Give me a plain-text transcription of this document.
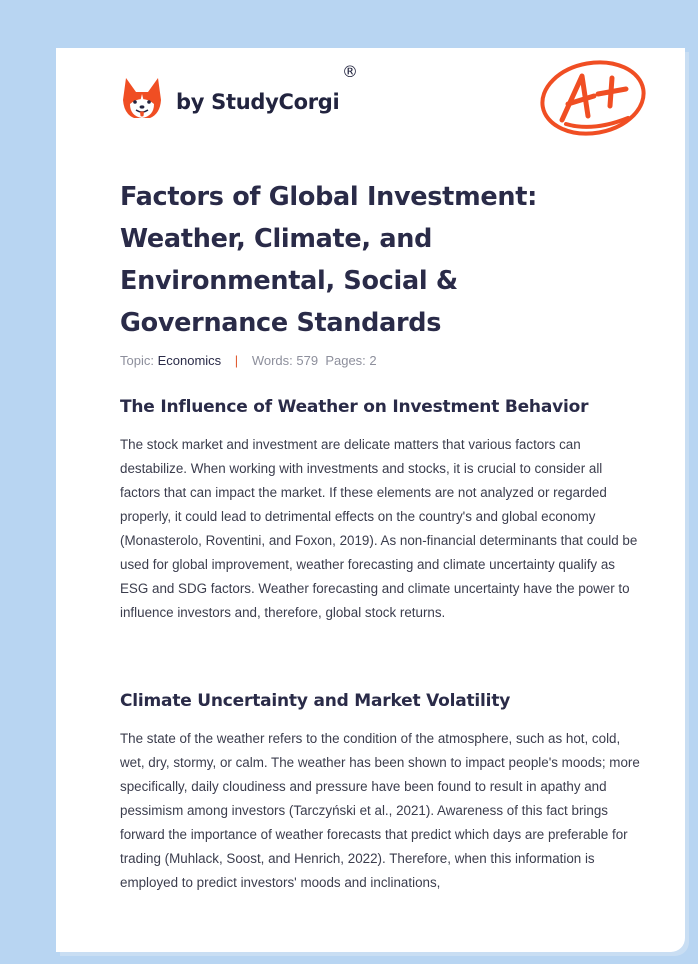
by StudyCorgi
®
Factors of Global Investment: Weather, Climate, and Environmental, Social & Governance Standards
Topic: Economics | Words: 579 Pages: 2
The Influence of Weather on Investment Behavior

The stock market and investment are delicate matters that various factors can destabilize. When working with investments and stocks, it is crucial to consider all factors that can impact the market. If these elements are not analyzed or regarded properly, it could lead to detrimental effects on the country's and global economy (Monasterolo, Roventini, and Foxon, 2019). As non-financial determinants that could be used for global improvement, weather forecasting and climate uncertainty qualify as ESG and SDG factors. Weather forecasting and climate uncertainty have the power to influence investors and, therefore, global stock returns.

Climate Uncertainty and Market Volatility

The state of the weather refers to the condition of the atmosphere, such as hot, cold, wet, dry, stormy, or calm. The weather has been shown to impact people's moods; more specifically, daily cloudiness and pressure have been found to result in apathy and pessimism among investors (Tarczyński et al., 2021). Awareness of this fact brings forward the importance of weather forecasts that predict which days are preferable for trading (Muhlack, Soost, and Henrich, 2022). Therefore, when this information is employed to predict investors' moods and inclinations,
